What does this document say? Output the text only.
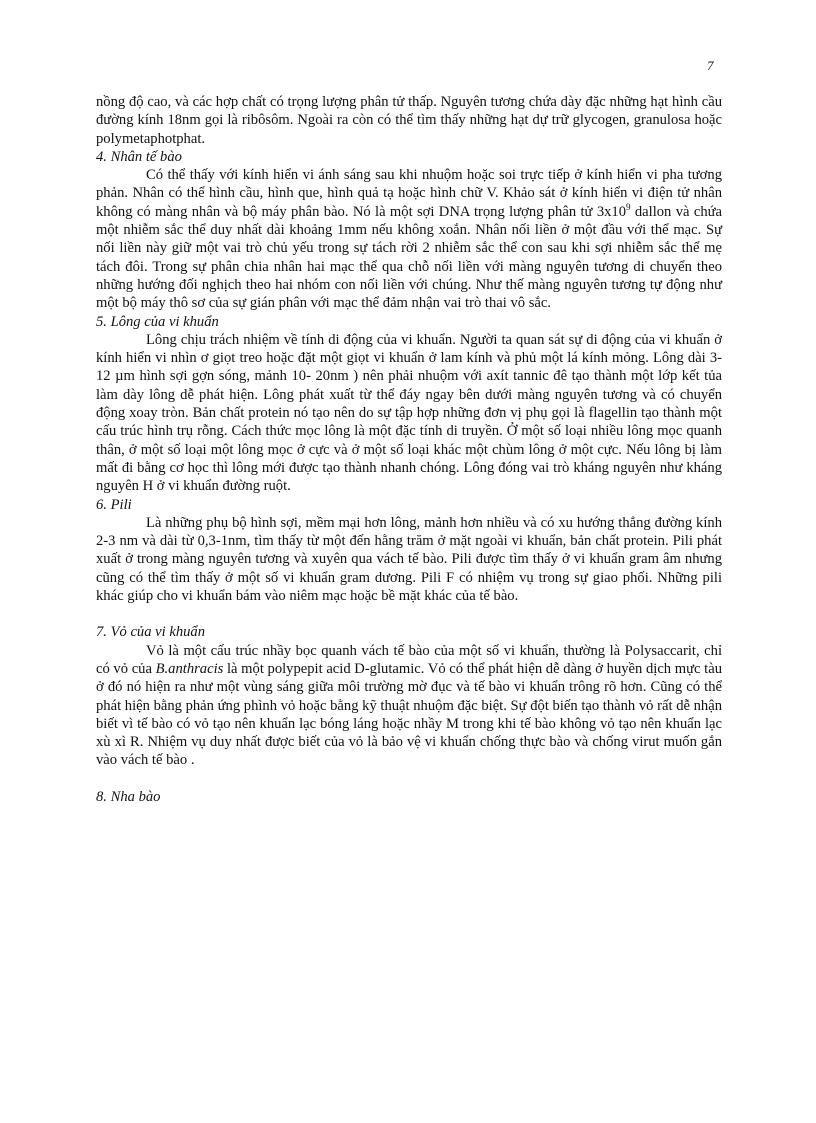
7

nồng độ cao, và các hợp chất có trọng lượng phân tử thấp. Nguyên tương chứa dày đặc những hạt hình cầu đường kính 18nm gọi là ribôsôm. Ngoài ra còn có thể tìm thấy những hạt dự trữ glycogen, granulosa hoặc polymetaphotphat.

4. Nhân tế bào

Có thể thấy với kính hiển vi ánh sáng sau khi nhuộm hoặc soi trực tiếp ở kính hiển vi pha tương phản. Nhân có thể hình cầu, hình que, hình quả tạ hoặc hình chữ V. Khảo sát ở kính hiển vi điện tử nhân không có màng nhân và bộ máy phân bào. Nó là một sợi DNA trọng lượng phân tử $3x10^9$ dallon và chứa một nhiễm sắc thể duy nhất dài khoảng 1mm nếu không xoắn. Nhân nối liền ở một đầu với thể mạc. Sự nối liền này giữ một vai trò chủ yếu trong sự tách rời 2 nhiễm sắc thể con sau khi sợi nhiễm sắc thể mẹ tách đôi. Trong sự phân chia nhân hai mạc thể qua chỗ nối liền với màng nguyên tương di chuyển theo những hướng đối nghịch theo hai nhóm con nối liền với chúng. Như thế màng nguyên tương tự động như một bộ máy thô sơ của sự gián phân với mạc thể đảm nhận vai trò thai vô sắc.

5. Lông của vi khuẩn

Lông chịu trách nhiệm về tính di động của vi khuẩn. Người ta quan sát sự di động của vi khuẩn ở kính hiển vi nhìn ơ giọt treo hoặc đặt một giọt vi khuẩn ở lam kính và phủ một lá kính mỏng. Lông dài 3-12 µm hình sợi gợn sóng, mảnh 10- 20nm ) nên phải nhuộm với axít tannic đê tạo thành một lớp kết tủa làm dày lông dễ phát hiện. Lông phát xuất từ thể đáy ngay bên dưới màng nguyên tương và có chuyển động xoay tròn. Bản chất protein nó tạo nên do sự tập hợp những đơn vị phụ gọi là flagellin tạo thành một cấu trúc hình trụ rỗng. Cách thức mọc lông là một đặc tính di truyền. Ở một số loại nhiều lông mọc quanh thân, ở một số loại một lông mọc ở cực và ở một số loại khác một chùm lông ở một cực. Nếu lông bị làm mất đi bằng cơ học thì lông mới được tạo thành nhanh chóng. Lông đóng vai trò kháng nguyên như kháng nguyên H ở vi khuẩn đường ruột.

6. Pili

Là những phụ bộ hình sợi, mềm mại hơn lông, mảnh hơn nhiều và có xu hướng thẳng đường kính 2-3 nm và dài từ 0,3-1nm, tìm thấy từ một đến hằng trăm ở mặt ngoài vi khuẩn, bản chất protein. Pili phát xuất ở trong màng nguyên tương và xuyên qua vách tế bào. Pili được tìm thấy ở vi khuẩn gram âm nhưng cũng có thể tìm thấy ở một số vi khuẩn gram dương. Pili F có nhiệm vụ trong sự giao phối. Những pili khác giúp cho vi khuẩn bám vào niêm mạc hoặc bề mặt khác của tế bào.

7. Vỏ của vi khuẩn

Vỏ là một cấu trúc nhầy bọc quanh vách tế bào của một số vi khuẩn, thường là Polysaccarit, chỉ có vỏ của B.anthracis là một polypepit acid D-glutamic. Vỏ có thể phát hiện dễ dàng ở huyền dịch mực tàu ở đó nó hiện ra như một vùng sáng giữa môi trường mờ đục và tế bào vi khuẩn trông rõ hơn. Cũng có thể phát hiện bằng phản ứng phình vỏ hoặc bằng kỹ thuật nhuộm đặc biệt. Sự đột biến tạo thành vỏ rất dễ nhận biết vì tế bào có vỏ tạo nên khuẩn lạc bóng láng hoặc nhầy M trong khi tế bào không vỏ tạo nên khuẩn lạc xù xì R. Nhiệm vụ duy nhất được biết của vỏ là bảo vệ vi khuẩn chống thực bào và chống virut muốn gắn vào vách tế bào .

8. Nha bào
